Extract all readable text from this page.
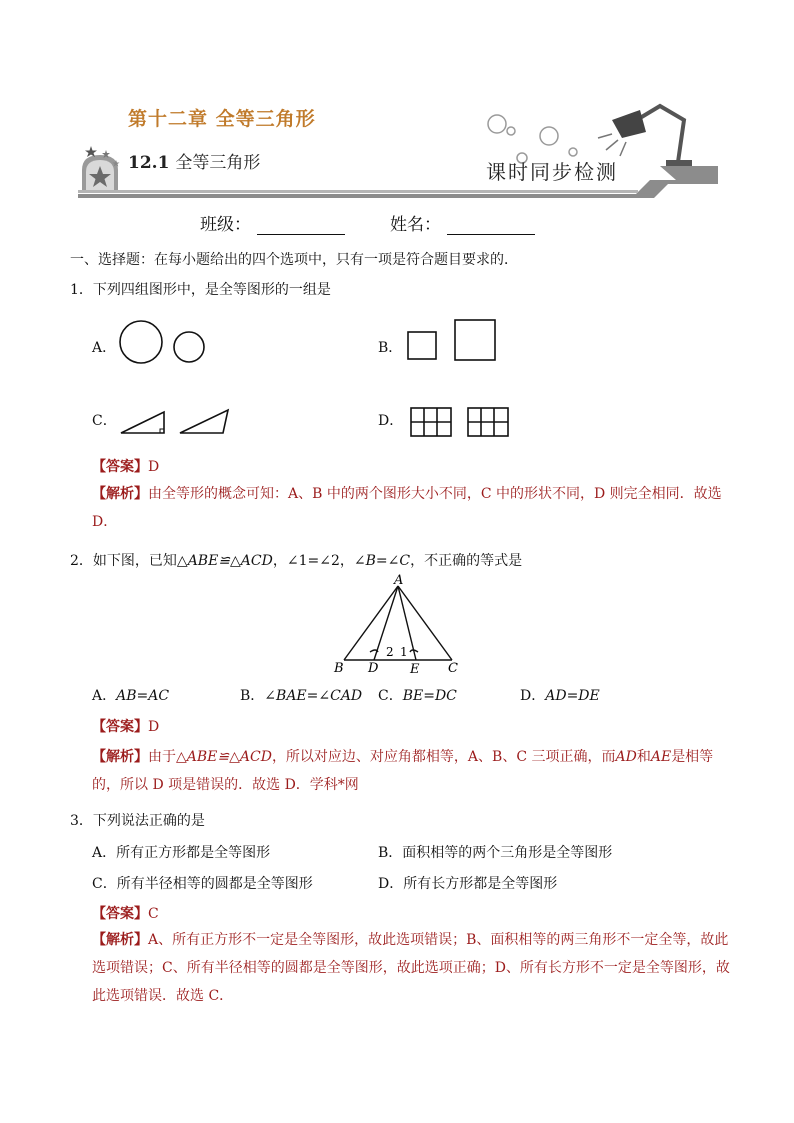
第十二章 全等三角形
12.1 全等三角形	课时同步检测
班级：	姓名：
一、选择题：在每小题给出的四个选项中，只有一项是符合题目要求的．
1．下列四组图形中，是全等图形的一组是
A．	B．
C．	D．
【答案】D
【解析】由全等形的概念可知：A、B 中的两个图形大小不同，C 中的形状不同，D 则完全相同．故选
D．
2．如下图，已知△ABE≌△ACD，∠1=∠2，∠B=∠C，不正确的等式是
A
B D E C
2 1
A．AB=AC	B．∠BAE=∠CAD C．BE=DC	D．AD=DE
【答案】D
【解析】由于△ABE≌△ACD，所以对应边、对应角都相等，A、B、C 三项正确，而AD和AE是相等
的，所以 D 项是错误的．故选 D．学科*网
3．下列说法正确的是
A．所有正方形都是全等图形	B．面积相等的两个三角形是全等图形
C．所有半径相等的圆都是全等图形	D．所有长方形都是全等图形
【答案】C
【解析】A、所有正方形不一定是全等图形，故此选项错误；B、面积相等的两三角形不一定全等，故此
选项错误；C、所有半径相等的圆都是全等图形，故此选项正确；D、所有长方形不一定是全等图形，故
此选项错误．故选 C．
